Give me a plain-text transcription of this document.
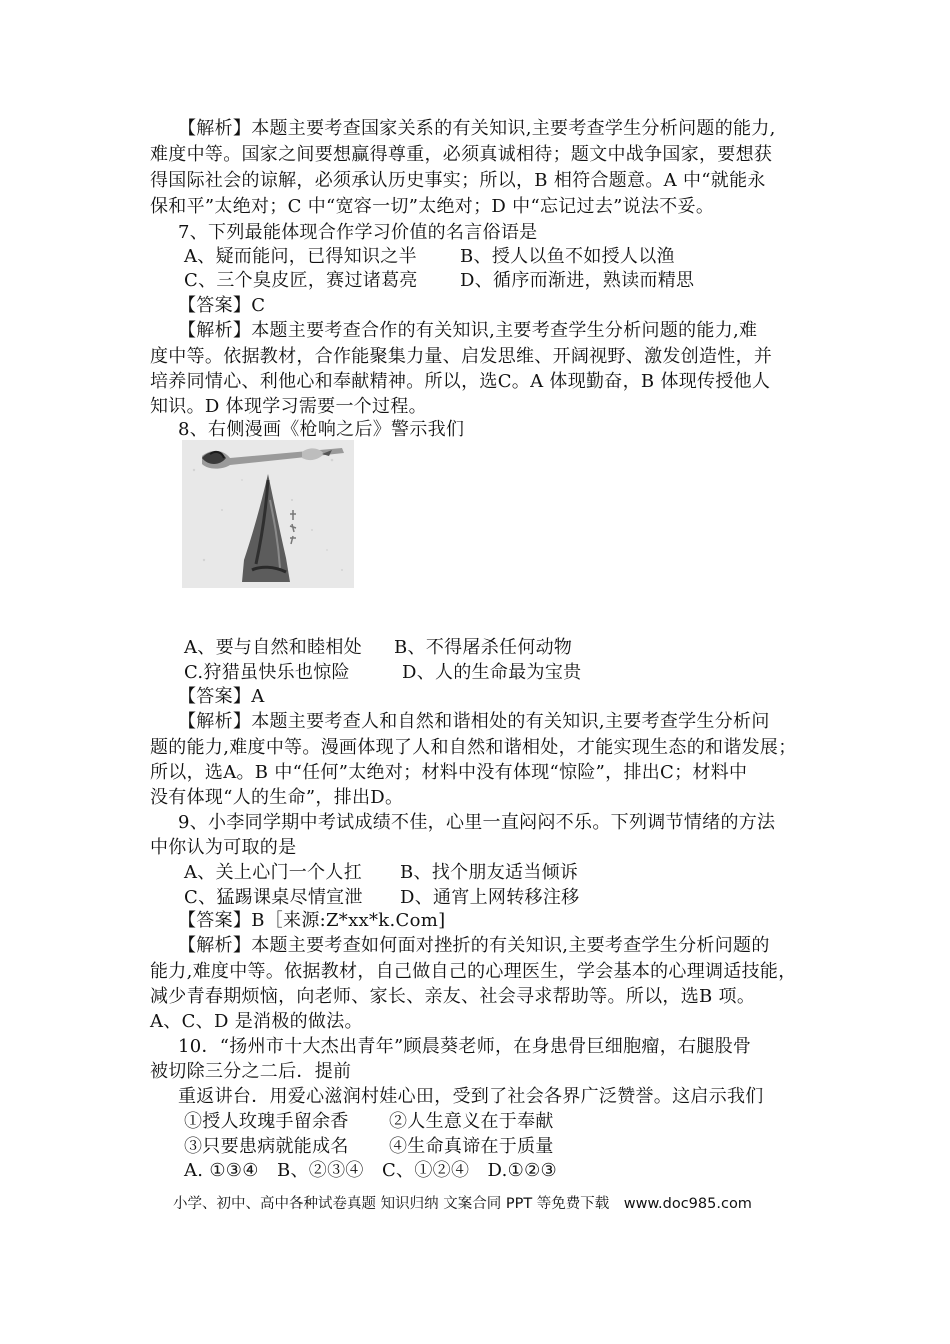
【解析】本题主要考查国家关系的有关知识,主要考查学生分析问题的能力,
难度中等。国家之间要想赢得尊重，必须真诚相待；题文中战争国家，要想获
得国际社会的谅解，必须承认历史事实；所以，B 相符合题意。A 中“就能永
保和平”太绝对；C 中“宽容一切”太绝对；D 中“忘记过去”说法不妥。
7、下列最能体现合作学习价值的名言俗语是
A、疑而能问，已得知识之半 B、授人以鱼不如授人以渔
C、三个臭皮匠，赛过诸葛亮 D、循序而渐进，熟读而精思
【答案】C
【解析】本题主要考查合作的有关知识,主要考查学生分析问题的能力,难
度中等。依据教材，合作能聚集力量、启发思维、开阔视野、激发创造性，并
培养同情心、利他心和奉献精神。所以，选C。A 体现勤奋，B 体现传授他人
知识。D 体现学习需要一个过程。
8、右侧漫画《枪响之后》警示我们
A、要与自然和睦相处 B、不得屠杀任何动物
C.狩猎虽快乐也惊险	D、人的生命最为宝贵
【答案】A
【解析】本题主要考查人和自然和谐相处的有关知识,主要考查学生分析问
题的能力,难度中等。漫画体现了人和自然和谐相处，才能实现生态的和谐发展；
所以，选A。B 中“任何”太绝对；材料中没有体现“惊险”，排出C；材料中
没有体现“人的生命”，排出D。
9、小李同学期中考试成绩不佳，心里一直闷闷不乐。下列调节情绪的方法
中你认为可取的是
A、关上心门一个人扛 B、找个朋友适当倾诉
C、猛踢课桌尽情宣泄 D、通宵上网转移注移
【答案】B［来源:Z*xx*k.Com]
【解析】本题主要考查如何面对挫折的有关知识,主要考查学生分析问题的
能力,难度中等。依据教材，自己做自己的心理医生，学会基本的心理调适技能，
减少青春期烦恼，向老师、家长、亲友、社会寻求帮助等。所以，选B 项。
A、C、D 是消极的做法。
10．“扬州市十大杰出青年”顾晨葵老师，在身患骨巨细胞瘤，右腿股骨
被切除三分之二后．提前
重返讲台．用爱心滋润村娃心田，受到了社会各界广泛赞誉。这启示我们
①授人玫瑰手留余香 ②人生意义在于奉献
③只要患病就能成名 ④生命真谛在于质量
A. ①③④　B、②③④　C、①②④　D.①②③
小学、初中、高中各种试卷真题 知识归纳 文案合同 PPT 等免费下载　www.doc985.com
